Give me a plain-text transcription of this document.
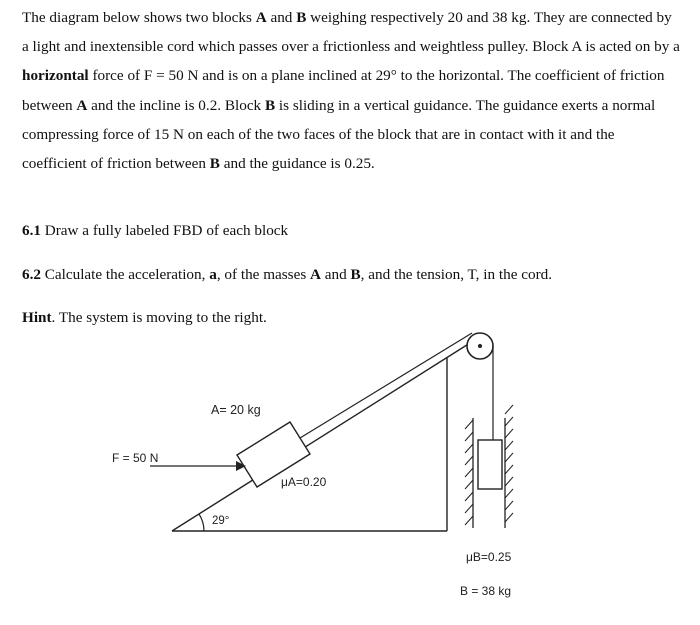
The diagram below shows two blocks A and B weighing respectively 20 and 38 kg. They are connected by a light and inextensible cord which passes over a frictionless and weightless pulley. Block A is acted on by a horizontal force of F = 50 N and is on a plane inclined at 29° to the horizontal. The coefficient of friction between A and the incline is 0.2. Block B is sliding in a vertical guidance. The guidance exerts a normal compressing force of 15 N on each of the two faces of the block that are in contact with it and the coefficient of friction between B and the guidance is 0.25.

6.1 Draw a fully labeled FBD of each block

6.2 Calculate the acceleration, a, of the masses A and B, and the tension, T, in the cord.

Hint. The system is moving to the right.

A= 20 kg
F = 50 N
μA=0.20
29°
μB=0.25
B = 38 kg
